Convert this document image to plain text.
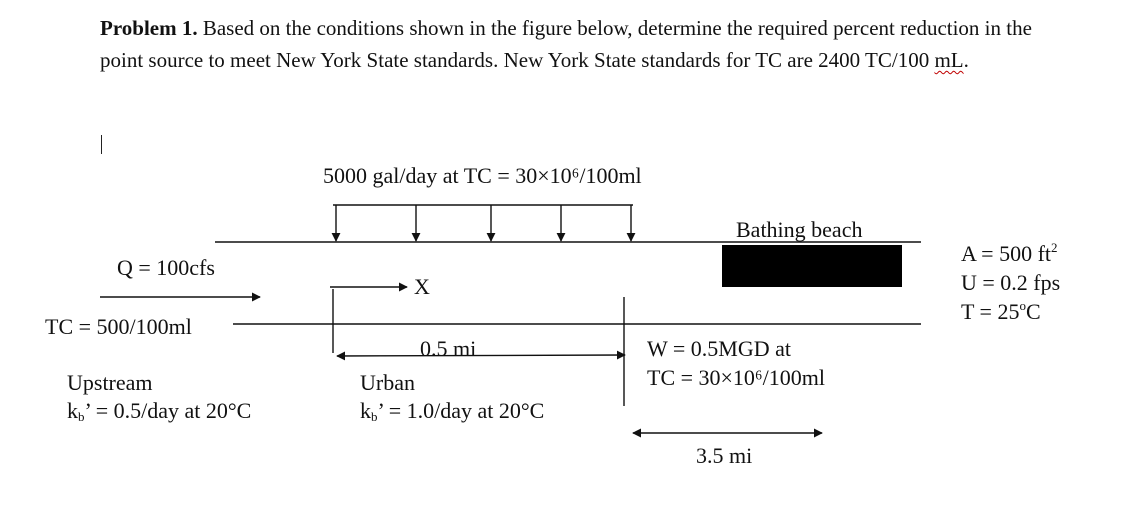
Problem 1. Based on the conditions shown in the figure below, determine the required percent reduction in the point source to meet New York State standards. New York State standards for TC are 2400 TC/100 mL.
5000 gal/day at TC = 30×10⁶/100ml
Bathing beach
A = 500 $ft^2$
U = 0.2 fps
$T = 25^oC$
Q = 100cfs
TC = 500/100ml
X
0.5 mi	W = 0.5MGD at
TC = 30×10⁶/100ml
Upstream
$k_b$’ = 0.5/day at 20°C
Urban
$k_b$’ = 1.0/day at 20°C
3.5 mi
